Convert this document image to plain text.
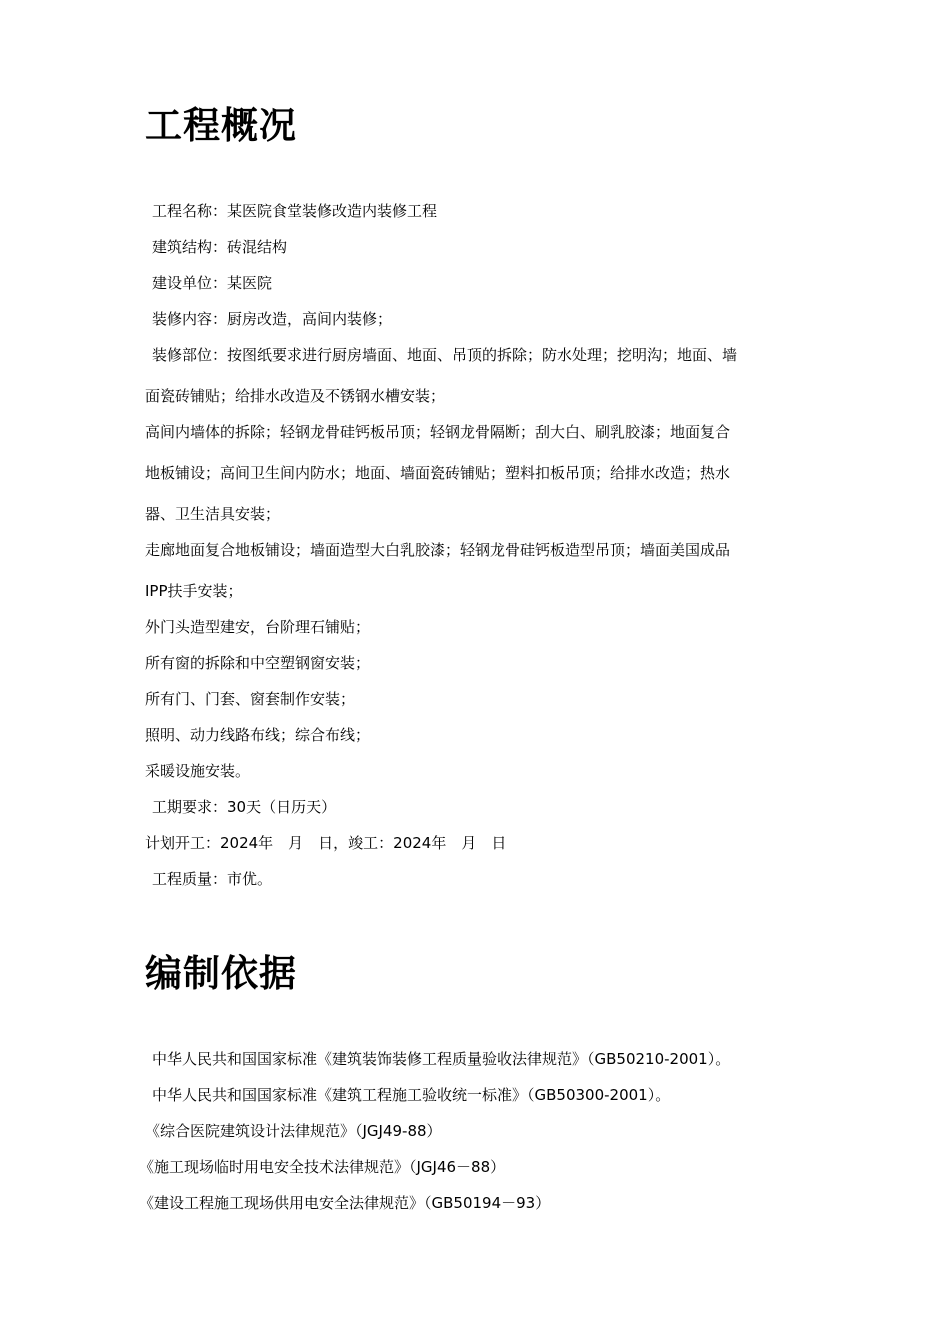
工程概况

工程名称：某医院食堂装修改造内装修工程

建筑结构：砖混结构

建设单位：某医院

装修内容：厨房改造，高间内装修；

装修部位：按图纸要求进行厨房墙面、地面、吊顶的拆除；防水处理；挖明沟；地面、墙

面瓷砖铺贴；给排水改造及不锈钢水槽安装；

高间内墙体的拆除；轻钢龙骨硅钙板吊顶；轻钢龙骨隔断；刮大白、刷乳胶漆；地面复合

地板铺设；高间卫生间内防水；地面、墙面瓷砖铺贴；塑料扣板吊顶；给排水改造；热水

器、卫生洁具安装；

走廊地面复合地板铺设；墙面造型大白乳胶漆；轻钢龙骨硅钙板造型吊顶；墙面美国成品

IPP扶手安装；

外门头造型建安，台阶理石铺贴；

所有窗的拆除和中空塑钢窗安装；

所有门、门套、窗套制作安装；

照明、动力线路布线；综合布线；

采暖设施安装。

工期要求：30天（日历天）

计划开工：2024年　月　日，竣工：2024年　月　日

工程质量：市优。

编制依据

中华人民共和国国家标准《建筑装饰装修工程质量验收法律规范》（GB50210-2001）。

中华人民共和国国家标准《建筑工程施工验收统一标准》（GB50300-2001）。

《综合医院建筑设计法律规范》（JGJ49-88）

《施工现场临时用电安全技术法律规范》（JGJ46－88）

《建设工程施工现场供用电安全法律规范》（GB50194－93）
